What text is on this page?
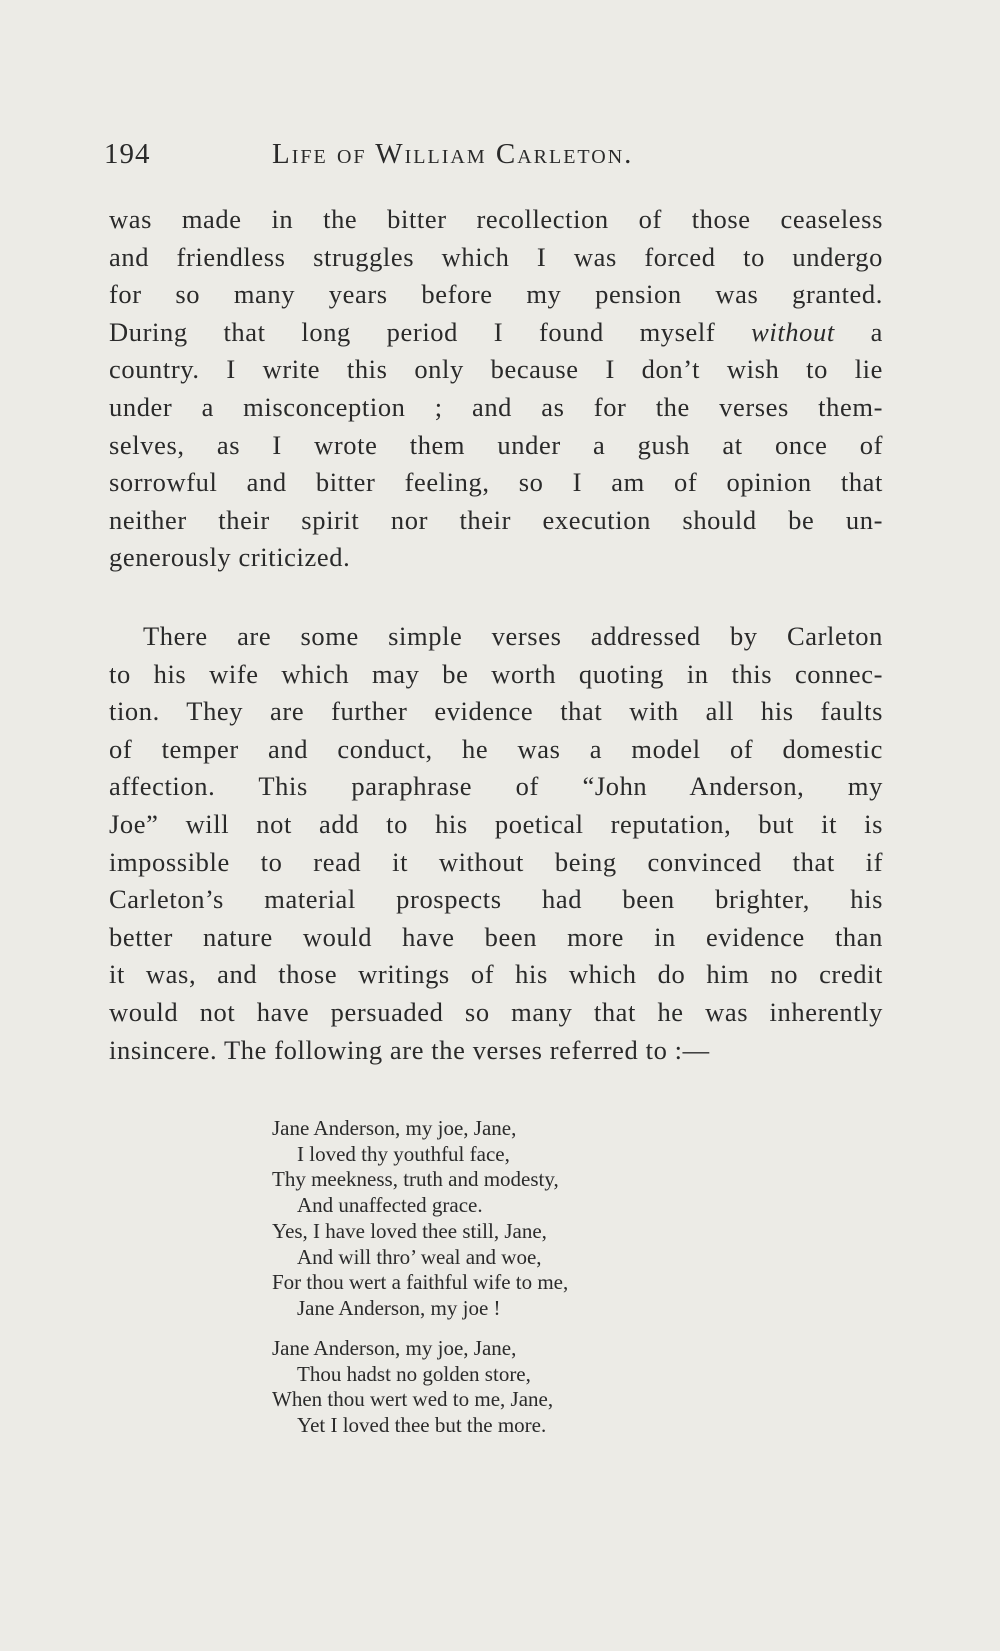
194	Life of William Carleton.
was made in the bitter recollection of those ceaseless
and friendless struggles which I was forced to undergo
for so many years before my pension was granted.
During that long period I found myself without a
country. I write this only because I don’t wish to lie
under a misconception ; and as for the verses them-
selves, as I wrote them under a gush at once of
sorrowful and bitter feeling, so I am of opinion that
neither their spirit nor their execution should be un-
generously criticized.
There are some simple verses addressed by Carleton
to his wife which may be worth quoting in this connec-
tion. They are further evidence that with all his faults
of temper and conduct, he was a model of domestic
affection. This paraphrase of “John Anderson, my
Joe” will not add to his poetical reputation, but it is
impossible to read it without being convinced that if
Carleton’s material prospects had been brighter, his
better nature would have been more in evidence than
it was, and those writings of his which do him no credit
would not have persuaded so many that he was inherently
insincere. The following are the verses referred to :—
Jane Anderson, my joe, Jane,
I loved thy youthful face,
Thy meekness, truth and modesty,
And unaffected grace.
Yes, I have loved thee still, Jane,
And will thro’ weal and woe,
For thou wert a faithful wife to me,
Jane Anderson, my joe !
Jane Anderson, my joe, Jane,
Thou hadst no golden store,
When thou wert wed to me, Jane,
Yet I loved thee but the more.
